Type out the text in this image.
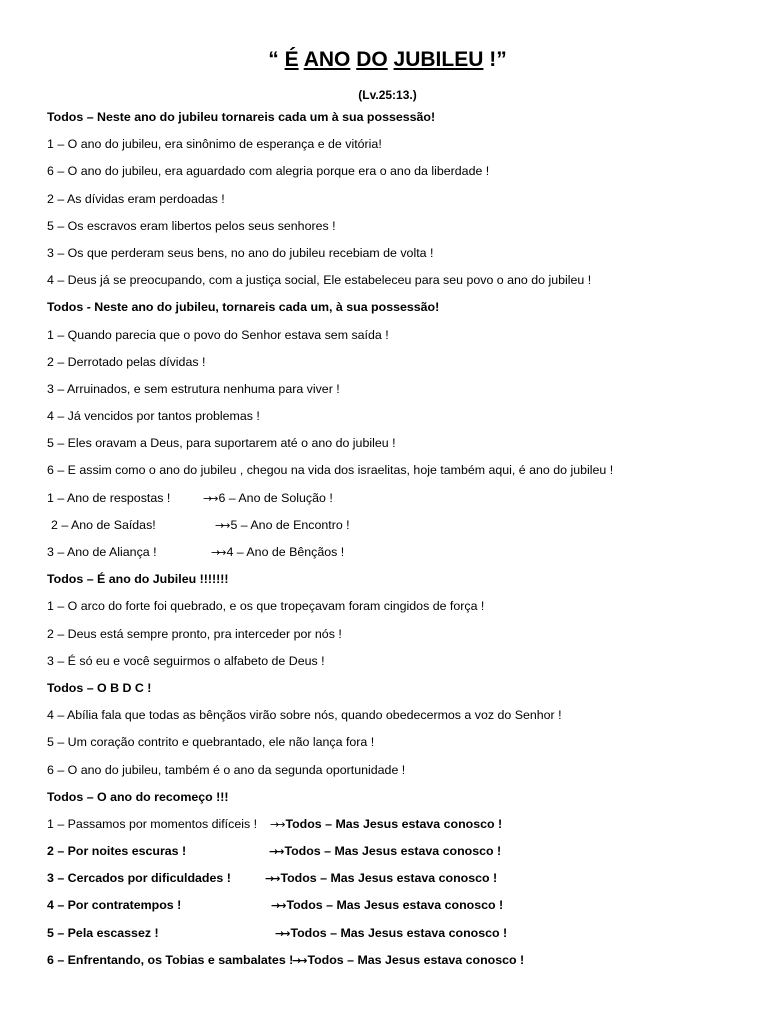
“ É ANO DO JUBILEU !”
(Lv.25:13.)
Todos – Neste ano do jubileu tornareis cada um à sua possessão!
1 – O ano do jubileu, era sinônimo de esperança e de vitória!
6 – O ano do jubileu, era aguardado com alegria porque era o ano da liberdade !
2 – As dívidas eram perdoadas !
5 – Os escravos eram libertos pelos seus senhores !
3 – Os que perderam seus bens, no ano do jubileu recebiam de volta !
4 – Deus já se preocupando, com a justiça social, Ele estabeleceu para seu povo o ano do jubileu !
Todos - Neste ano do jubileu, tornareis cada um, à sua possessão!
1 – Quando parecia que o povo do Senhor estava sem saída !
2 – Derrotado pelas dívidas !
3 – Arruinados, e sem estrutura nenhuma para viver !
4 – Já vencidos por tantos problemas !
5 – Eles oravam a Deus, para suportarem até o ano do jubileu !
6 – E assim como o ano do jubileu , chegou na vida dos israelitas, hoje também aqui, é ano do jubileu !
1 – Ano de respostas !	→→ 6 – Ano de Solução !
2 – Ano de Saídas!	→→ 5 – Ano de Encontro !
3 – Ano de Aliança !	→→ 4 – Ano de Bênçãos !
Todos – É ano do Jubileu !!!!!!!
1 – O arco do forte foi quebrado, e os que tropeçavam foram cingidos de força !
2 – Deus está sempre pronto, pra interceder por nós !
3 – É só eu e você seguirmos o alfabeto de Deus !
Todos – O B D C !
4 – Abília fala que todas as bênçãos virão sobre nós, quando obedecermos a voz do Senhor !
5 – Um coração contrito e quebrantado, ele não lança fora !
6 – O ano do jubileu, também é o ano da segunda oportunidade !
Todos – O ano do recomeço !!!
1 – Passamos por momentos difíceis ! →→ Todos – Mas Jesus estava conosco !
2 – Por noites escuras !	→→ Todos – Mas Jesus estava conosco !
3 – Cercados por dificuldades !	→→ Todos – Mas Jesus estava conosco !
4 – Por contratempos !	→→ Todos – Mas Jesus estava conosco !
5 – Pela escassez !	→→ Todos – Mas Jesus estava conosco !
6 – Enfrentando, os Tobias e sambalates !→→ Todos – Mas Jesus estava conosco !
